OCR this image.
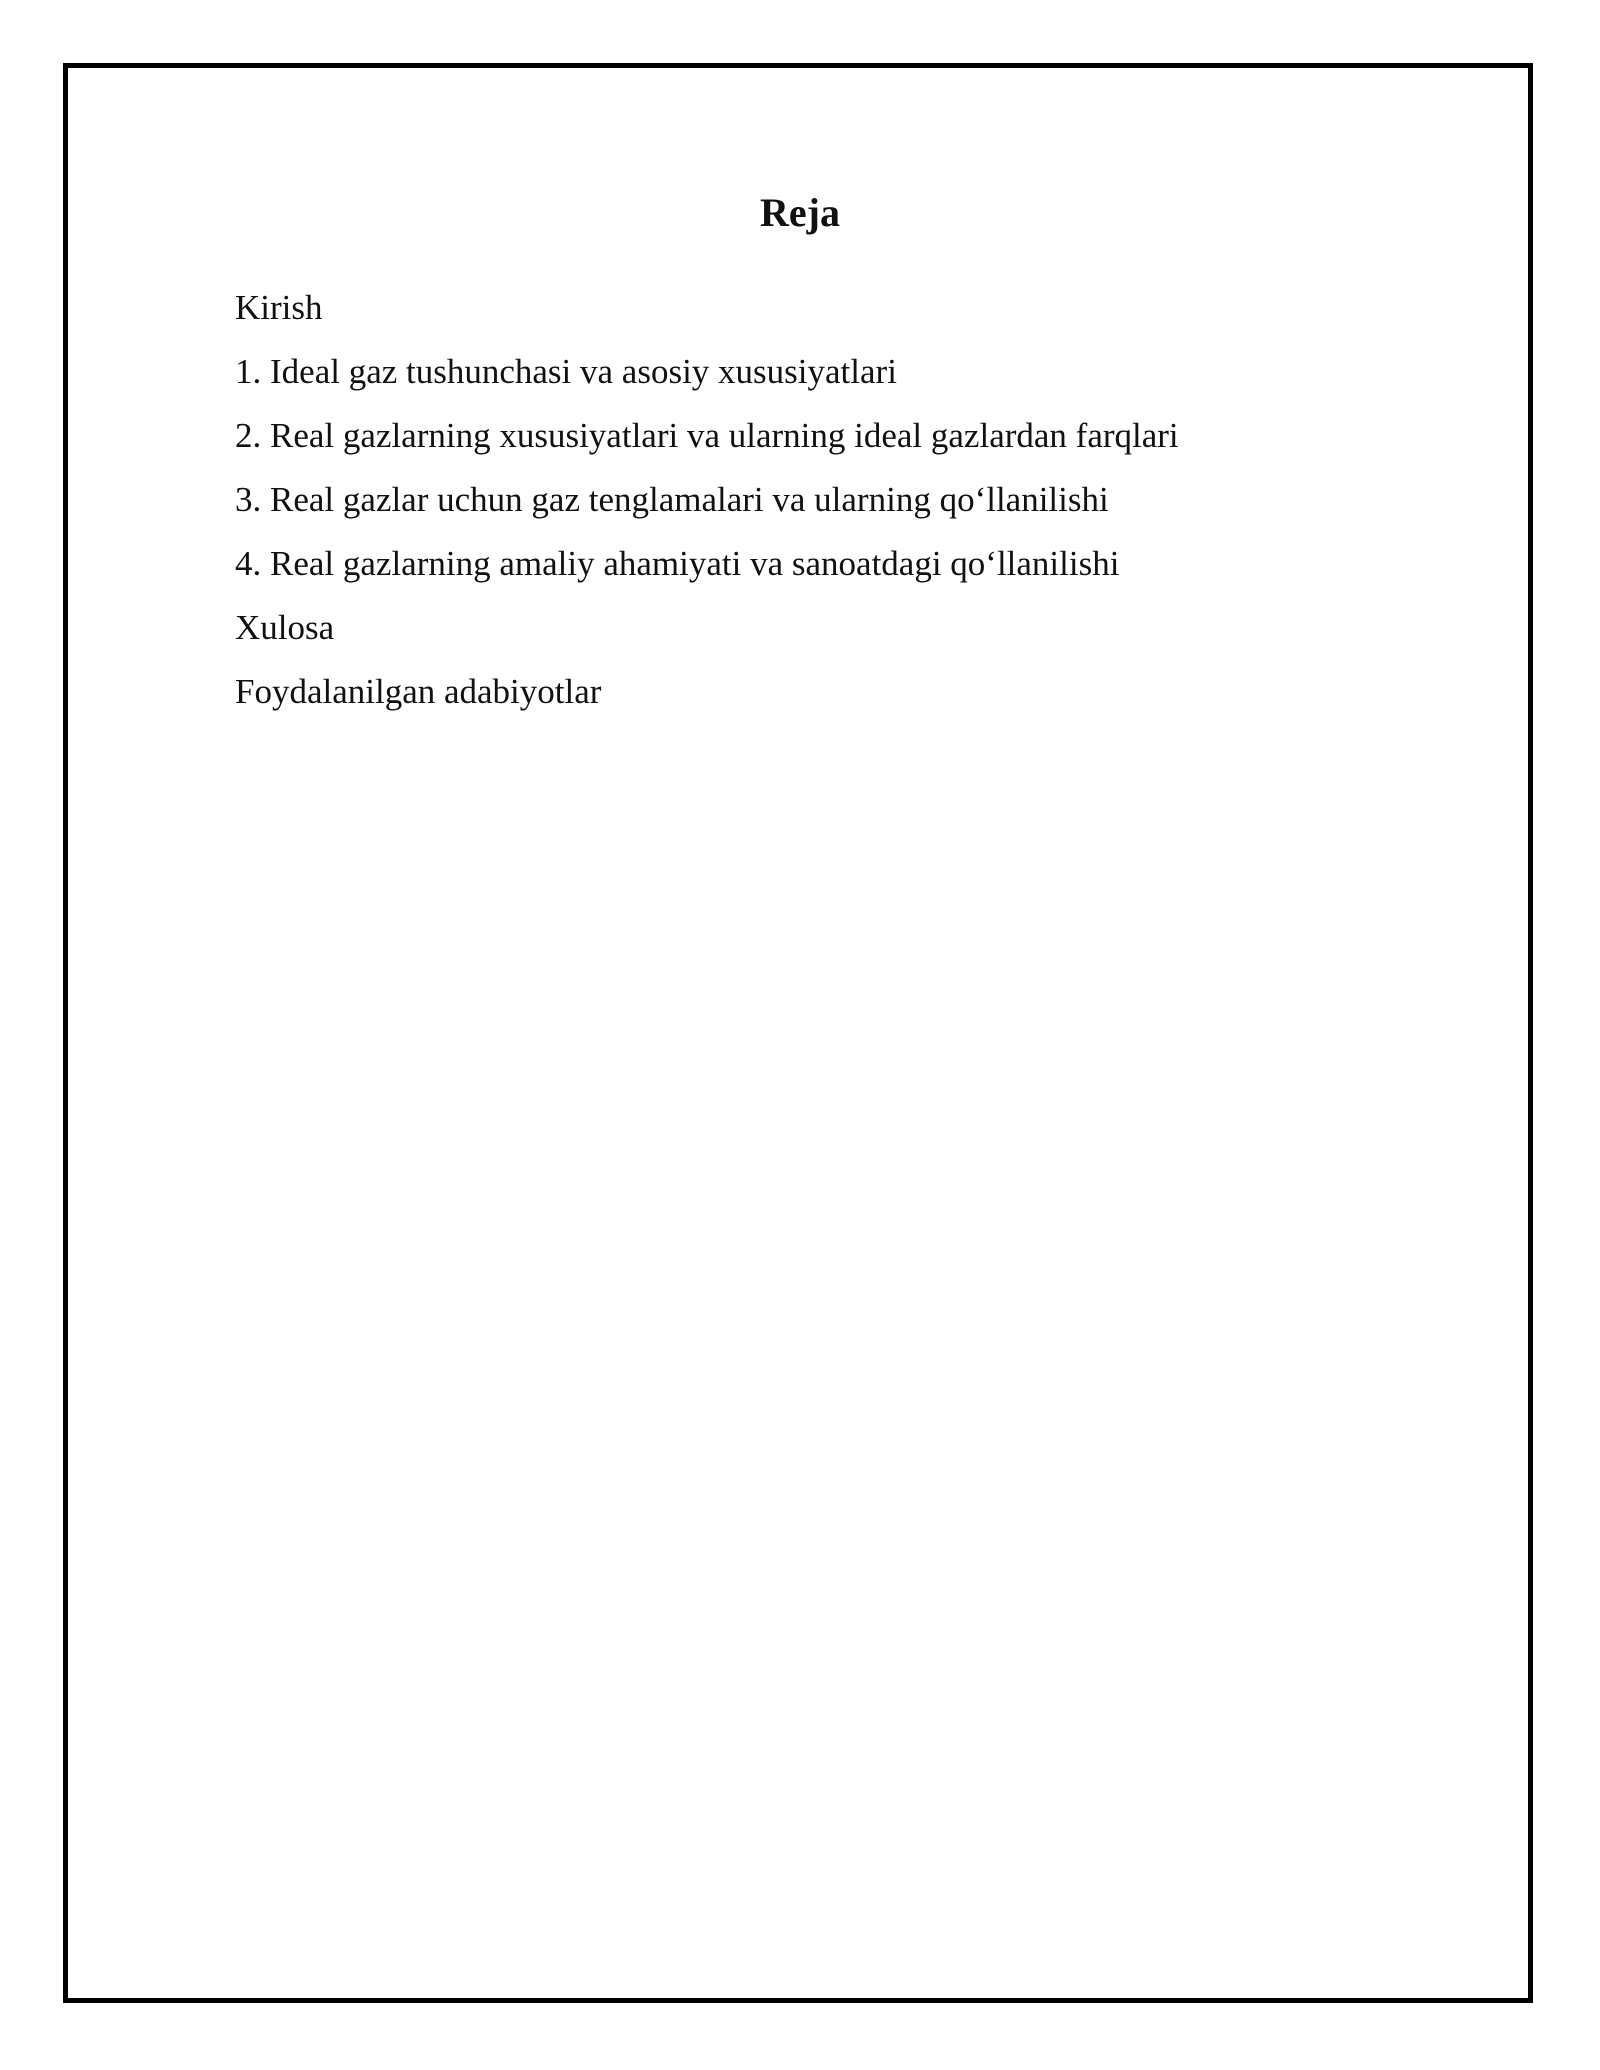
Reja
Kirish
1. Ideal gaz tushunchasi va asosiy xususiyatlari
2. Real gazlarning xususiyatlari va ularning ideal gazlardan farqlari
3. Real gazlar uchun gaz tenglamalari va ularning qo‘llanilishi
4. Real gazlarning amaliy ahamiyati va sanoatdagi qo‘llanilishi
Xulosa
Foydalanilgan adabiyotlar
